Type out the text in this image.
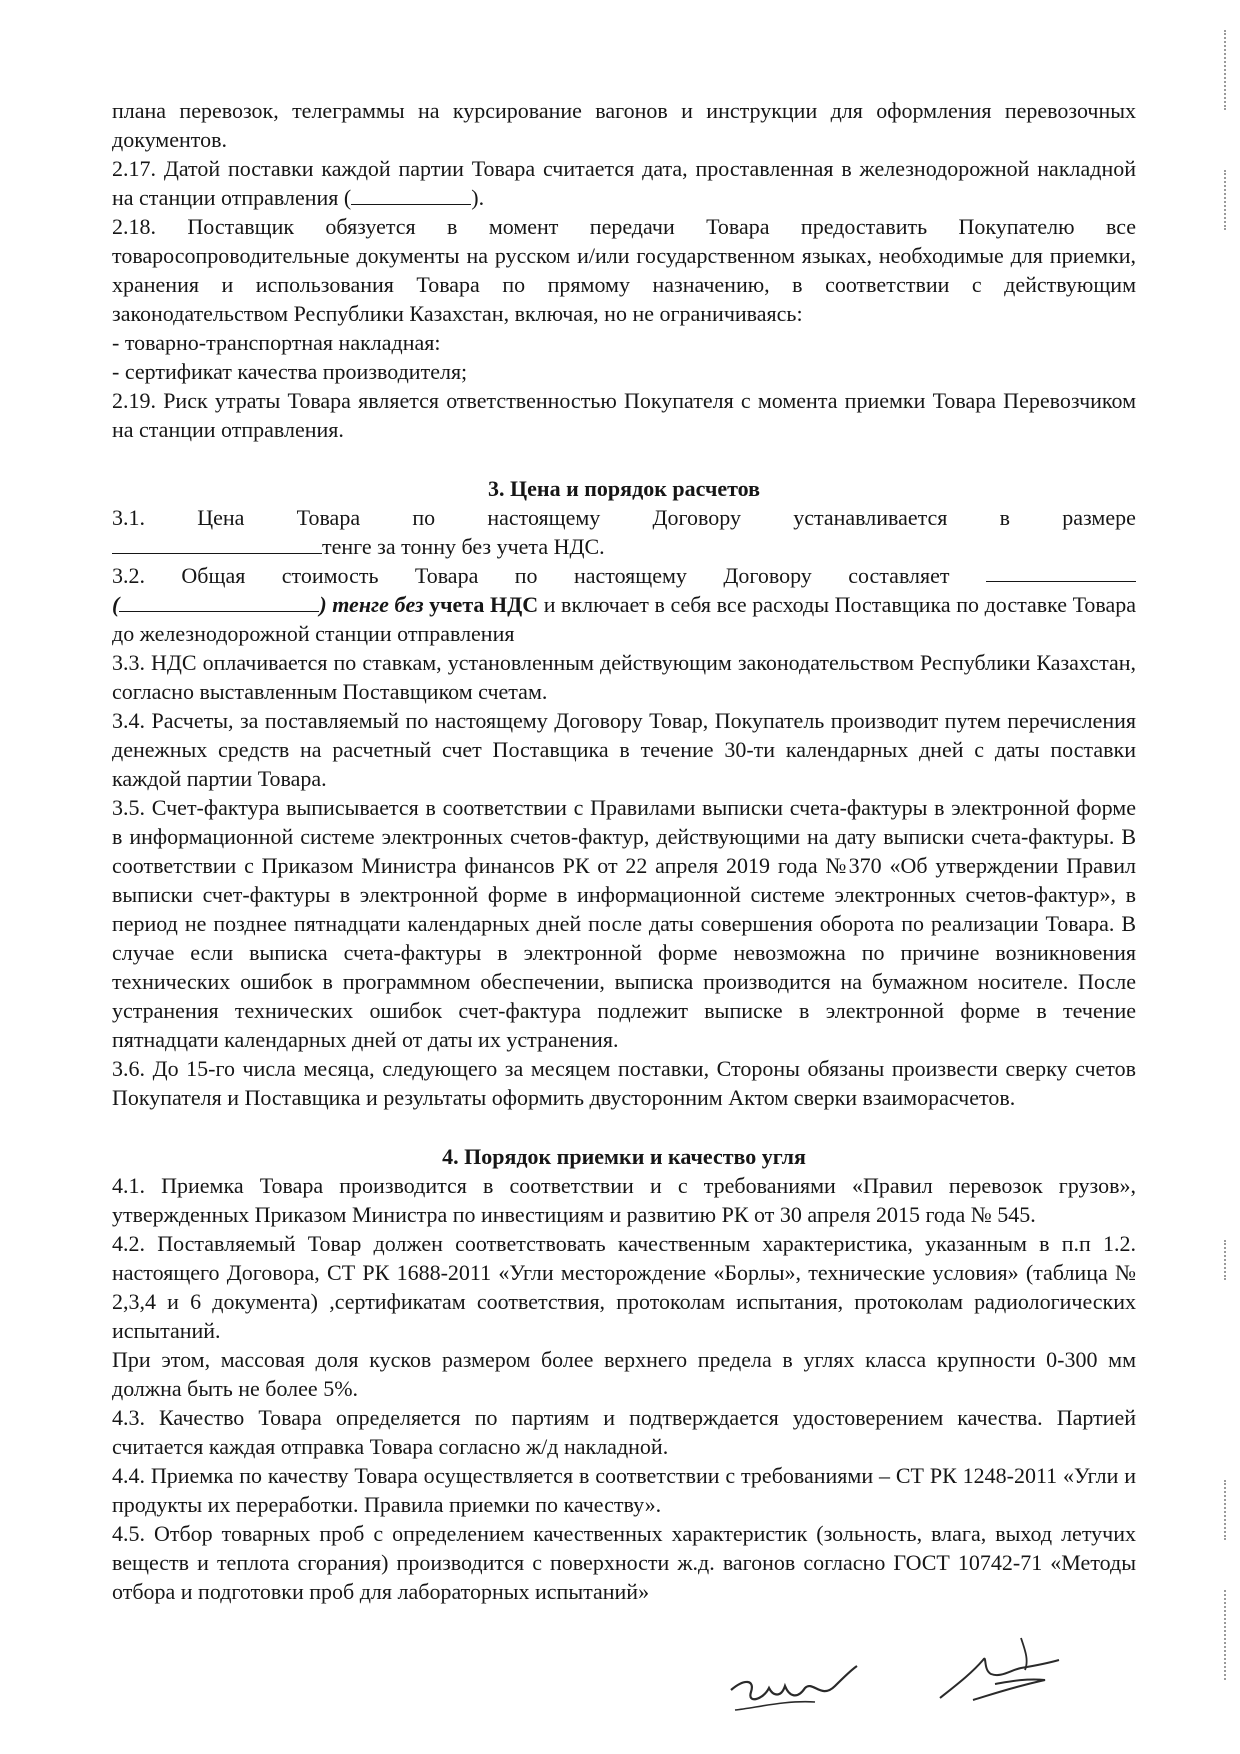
плана перевозок, телеграммы на курсирование вагонов и инструкции для оформления перевозочных документов.

2.17. Датой поставки каждой партии Товара считается дата, проставленная в железнодорожной накладной на станции отправления (	).

2.18. Поставщик обязуется в момент передачи Товара предоставить Покупателю все товаросопроводительные документы на русском и/или государственном языках, необходимые для приемки, хранения и использования Товара по прямому назначению, в соответствии с действующим законодательством Республики Казахстан, включая, но не ограничиваясь:

- товарно-транспортная накладная:

- сертификат качества производителя;

2.19. Риск утраты Товара является ответственностью Покупателя с момента приемки Товара Перевозчиком на станции отправления.

3. Цена и порядок расчетов

3.1. Цена Товара по настоящему Договору устанавливается в размере

тенге за тонну без учета НДС.

3.2. Общая стоимость Товара по настоящему Договору составляет

(	) тенге без учета НДС и включает в себя все расходы Поставщика по доставке Товара до железнодорожной станции отправления

3.3. НДС оплачивается по ставкам, установленным действующим законодательством Республики Казахстан, согласно выставленным Поставщиком счетам.

3.4. Расчеты, за поставляемый по настоящему Договору Товар, Покупатель производит путем перечисления денежных средств на расчетный счет Поставщика в течение 30-ти календарных дней с даты поставки каждой партии Товара.

3.5. Счет-фактура выписывается в соответствии с Правилами выписки счета-фактуры в электронной форме в информационной системе электронных счетов-фактур, действующими на дату выписки счета-фактуры. В соответствии с Приказом Министра финансов РК от 22 апреля 2019 года №370 «Об утверждении Правил выписки счет-фактуры в электронной форме в информационной системе электронных счетов-фактур», в период не позднее пятнадцати календарных дней после даты совершения оборота по реализации Товара. В случае если выписка счета-фактуры в электронной форме невозможна по причине возникновения технических ошибок в программном обеспечении, выписка производится на бумажном носителе. После устранения технических ошибок счет-фактура подлежит выписке в электронной форме в течение пятнадцати календарных дней от даты их устранения.

3.6. До 15-го числа месяца, следующего за месяцем поставки, Стороны обязаны произвести сверку счетов Покупателя и Поставщика и результаты оформить двусторонним Актом сверки взаиморасчетов.

4. Порядок приемки и качество угля

4.1. Приемка Товара производится в соответствии и с требованиями «Правил перевозок грузов», утвержденных Приказом Министра по инвестициям и развитию РК от 30 апреля 2015 года № 545.

4.2. Поставляемый Товар должен соответствовать качественным характеристика, указанным в п.п 1.2. настоящего Договора, СТ РК 1688-2011 «Угли месторождение «Борлы», технические условия» (таблица № 2,3,4 и 6 документа) ,сертификатам соответствия, протоколам испытания, протоколам радиологических испытаний.

При этом, массовая доля кусков размером более верхнего предела в углях класса крупности 0-300 мм должна быть не более 5%.

4.3. Качество Товара определяется по партиям и подтверждается удостоверением качества. Партией считается каждая отправка Товара согласно ж/д накладной.

4.4. Приемка по качеству Товара осуществляется в соответствии с требованиями – СТ РК 1248-2011 «Угли и продукты их переработки. Правила приемки по качеству».

4.5. Отбор товарных проб с определением качественных характеристик (зольность, влага, выход летучих веществ и теплота сгорания) производится с поверхности ж.д. вагонов согласно ГОСТ 10742-71 «Методы отбора и подготовки проб для лабораторных испытаний»
